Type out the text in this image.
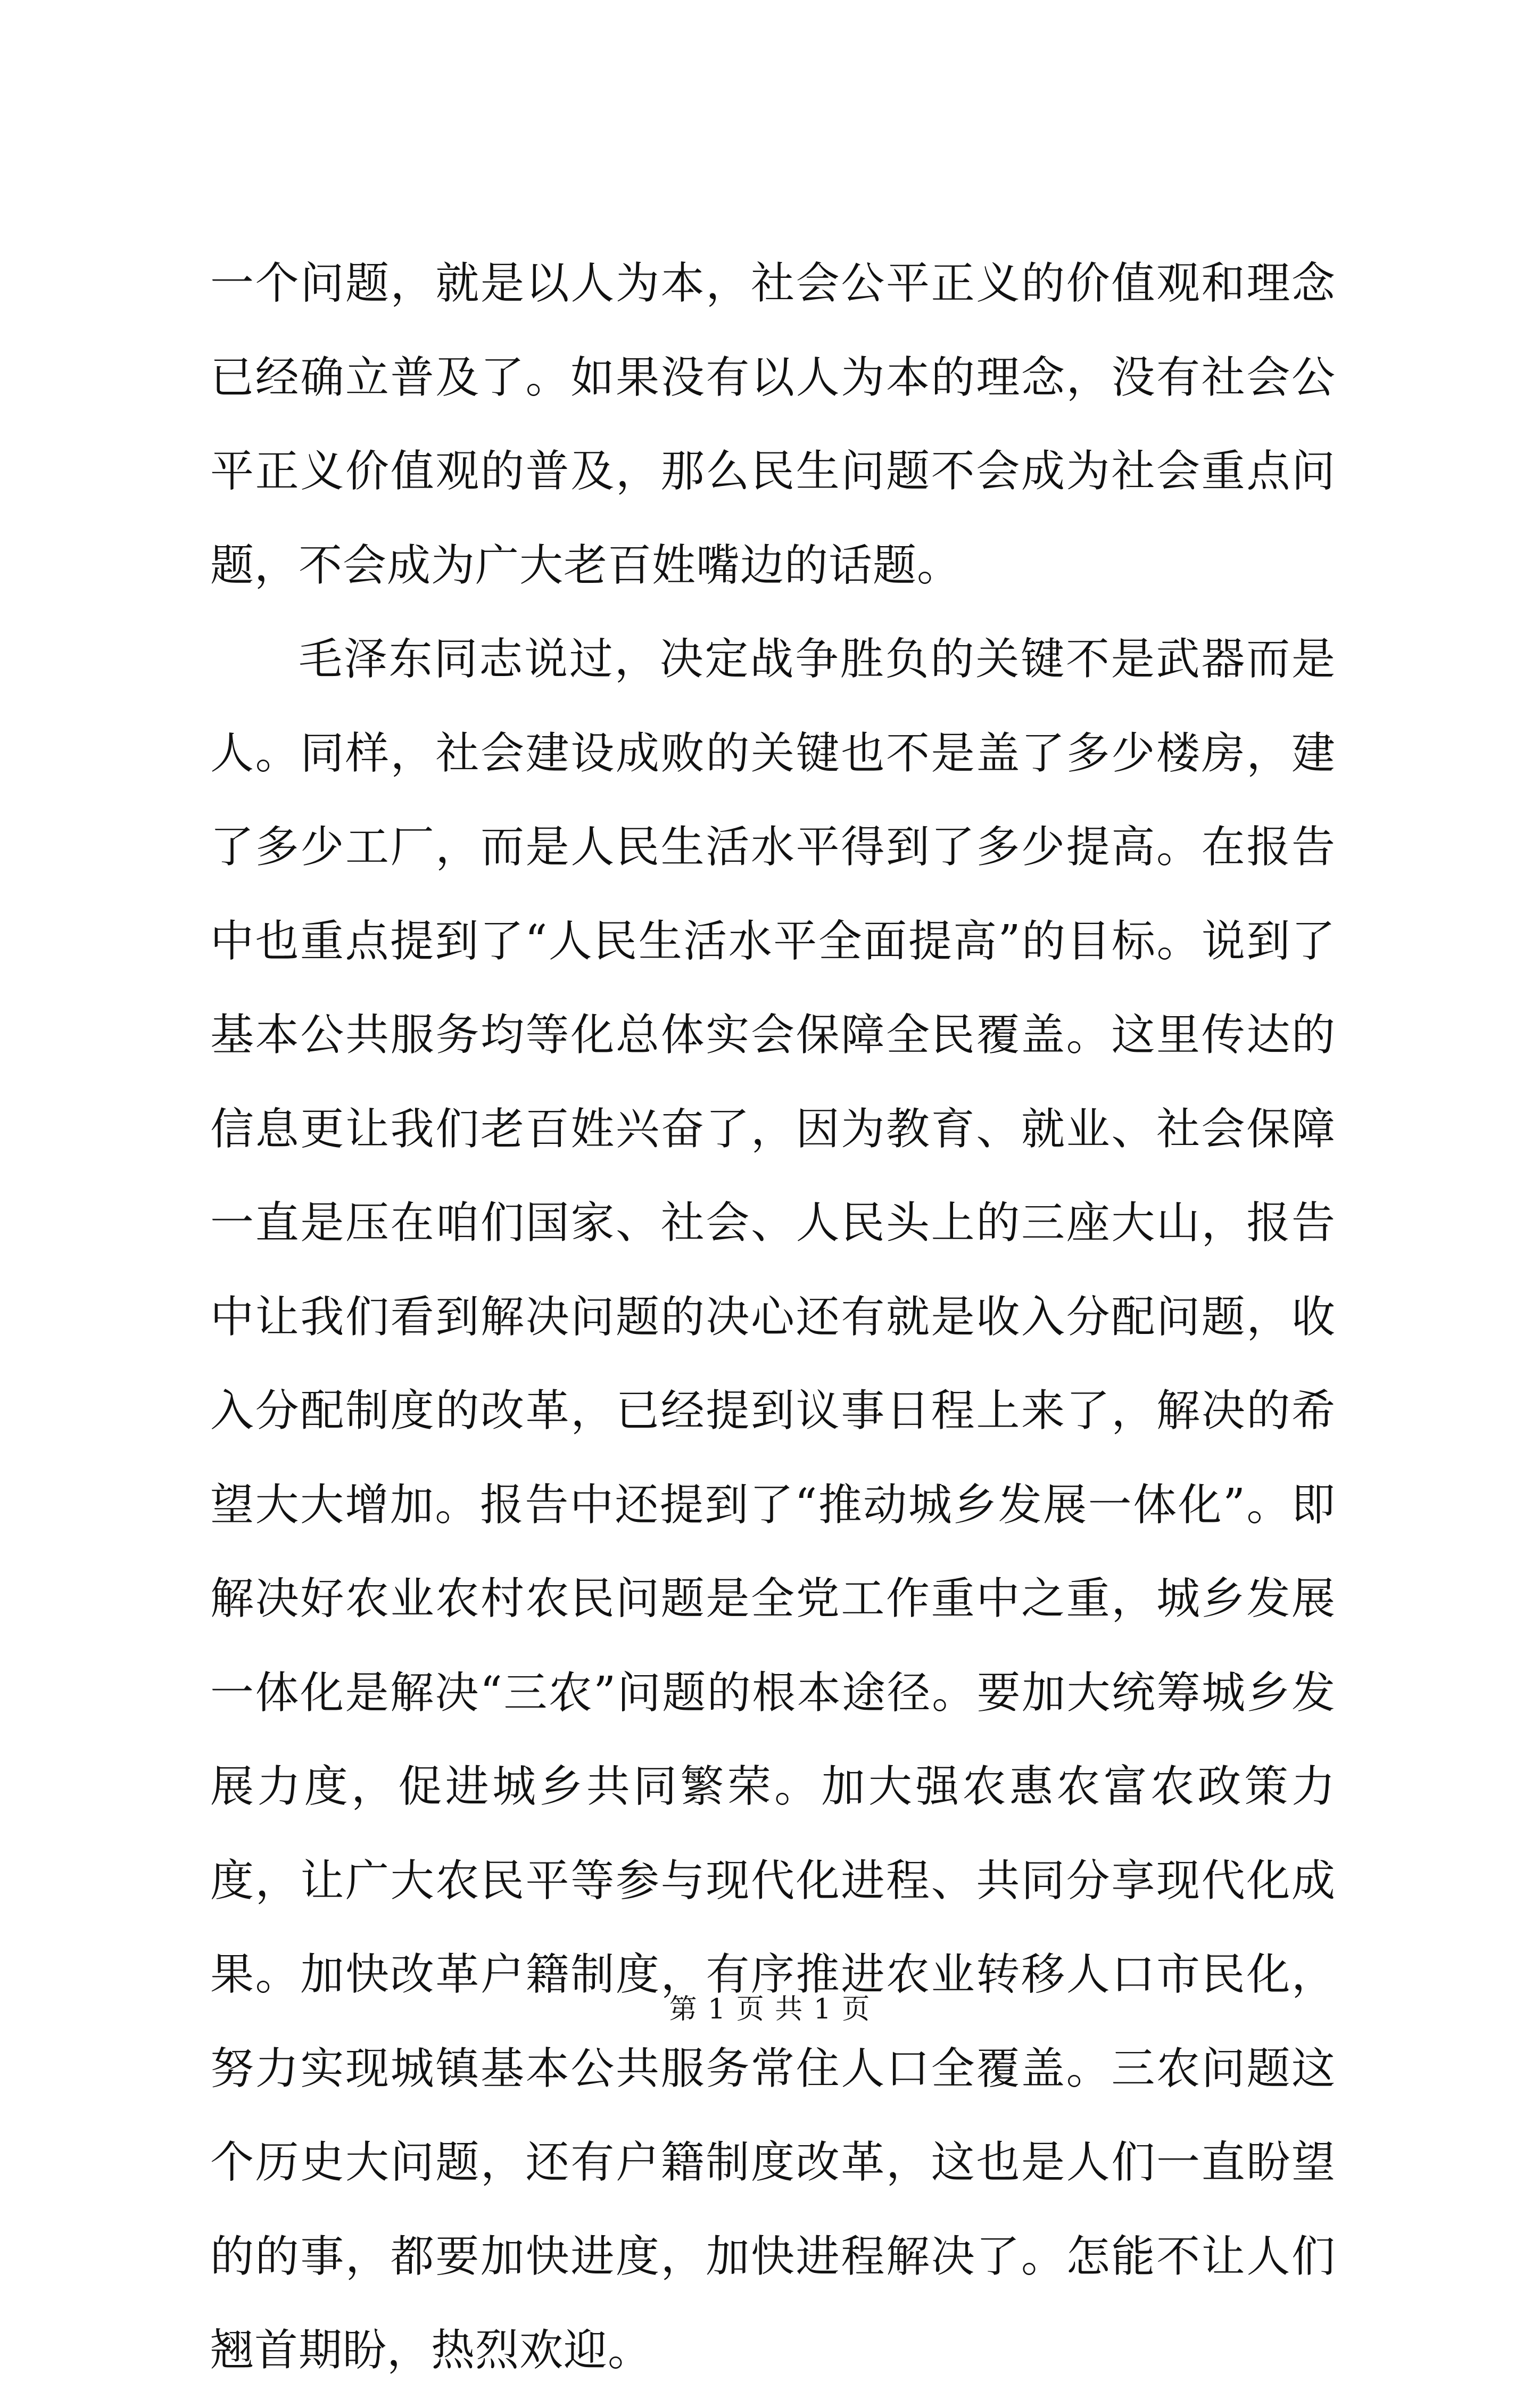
一个问题，就是以人为本，社会公平正义的价值观和理念已经确立普及了。如果没有以人为本的理念，没有社会公平正义价值观的普及，那么民生问题不会成为社会重点问题，不会成为广大老百姓嘴边的话题。

毛泽东同志说过，决定战争胜负的关键不是武器而是人。同样，社会建设成败的关键也不是盖了多少楼房，建了多少工厂，而是人民生活水平得到了多少提高。在报告中也重点提到了“人民生活水平全面提高”的目标。说到了基本公共服务均等化总体实会保障全民覆盖。这里传达的信息更让我们老百姓兴奋了，因为教育、就业、社会保障一直是压在咱们国家、社会、人民头上的三座大山，报告中让我们看到解决问题的决心还有就是收入分配问题，收入分配制度的改革，已经提到议事日程上来了，解决的希望大大增加。报告中还提到了“推动城乡发展一体化”。即解决好农业农村农民问题是全党工作重中之重，城乡发展一体化是解决“三农”问题的根本途径。要加大统筹城乡发展力度，促进城乡共同繁荣。加大强农惠农富农政策力度，让广大农民平等参与现代化进程、共同分享现代化成果。加快改革户籍制度，有序推进农业转移人口市民化，努力实现城镇基本公共服务常住人口全覆盖。三农问题这个历史大问题，还有户籍制度改革，这也是人们一直盼望的的事，都要加快进度，加快进程解决了。怎能不让人们翘首期盼，热烈欢迎。

第 1 页 共 1 页
